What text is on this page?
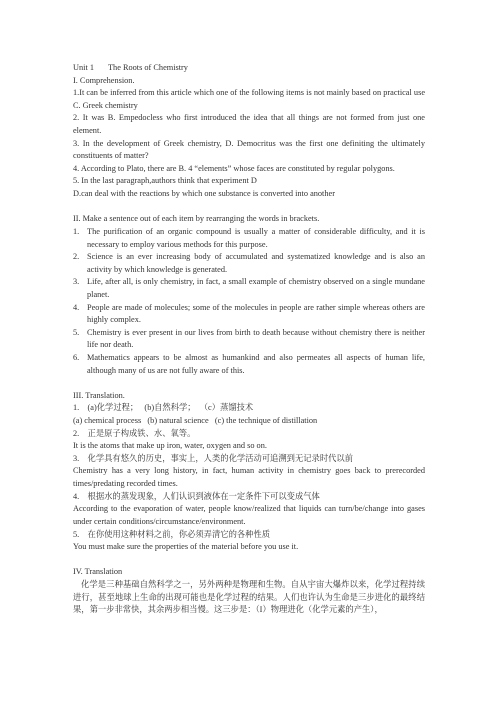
Unit 1 The Roots of Chemistry

I. Comprehension.

1.It can be inferred from this article which one of the following items is not mainly based on practical use C. Greek chemistry

2. It was B. Empedocless who first introduced the idea that all things are not formed from just one element.

3. In the development of Greek chemistry, D. Democritus was the first one definiting the ultimately constituents of matter?

4. According to Plato, there are B. 4 “elements” whose faces are constituted by regular polygons.

5. In the last paragraph,authors think that experiment D

D.can deal with the reactions by which one substance is converted into another

II. Make a sentence out of each item by rearranging the words in brackets.

1. The purification of an organic compound is usually a matter of considerable difficulty, and it is necessary to employ various methods for this purpose.
2. Science is an ever increasing body of accumulated and systematized knowledge and is also an activity by which knowledge is generated.
3. Life, after all, is only chemistry, in fact, a small example of chemistry observed on a single mundane planet.
4. People are made of molecules; some of the molecules in people are rather simple whereas others are highly complex.
5. Chemistry is ever present in our lives from birth to death because without chemistry there is neither life nor death.
6. Mathematics appears to be almost as humankind and also permeates all aspects of human life, although many of us are not fully aware of this.

III. Translation.

1.    (a)化学过程；   (b)自然科学；  （c）蒸馏技术

(a) chemical process   (b) natural science   (c) the technique of distillation

2.    正是原子构成铁、水、氧等。

It is the atoms that make up iron, water, oxygen and so on.

3.    化学具有悠久的历史，事实上，人类的化学活动可追溯到无记录时代以前

Chemistry has a very long history, in fact, human activity in chemistry goes back to prerecorded times/predating recorded times.

4.    根据水的蒸发现象，人们认识到液体在一定条件下可以变成气体

According to the evaporation of water, people know/realized that liquids can turn/be/change into gases under certain conditions/circumstance/environment.

5.    在你使用这种材料之前，你必须弄清它的各种性质

You must make sure the properties of the material before you use it.

IV. Translation

化学是三种基础自然科学之一，另外两种是物理和生物。自从宇宙大爆炸以来，化学过程持续进行，甚至地球上生命的出现可能也是化学过程的结果。人们也许认为生命是三步进化的最终结果，第一步非常快，其余两步相当慢。这三步是：（I）物理进化（化学元素的产生），
